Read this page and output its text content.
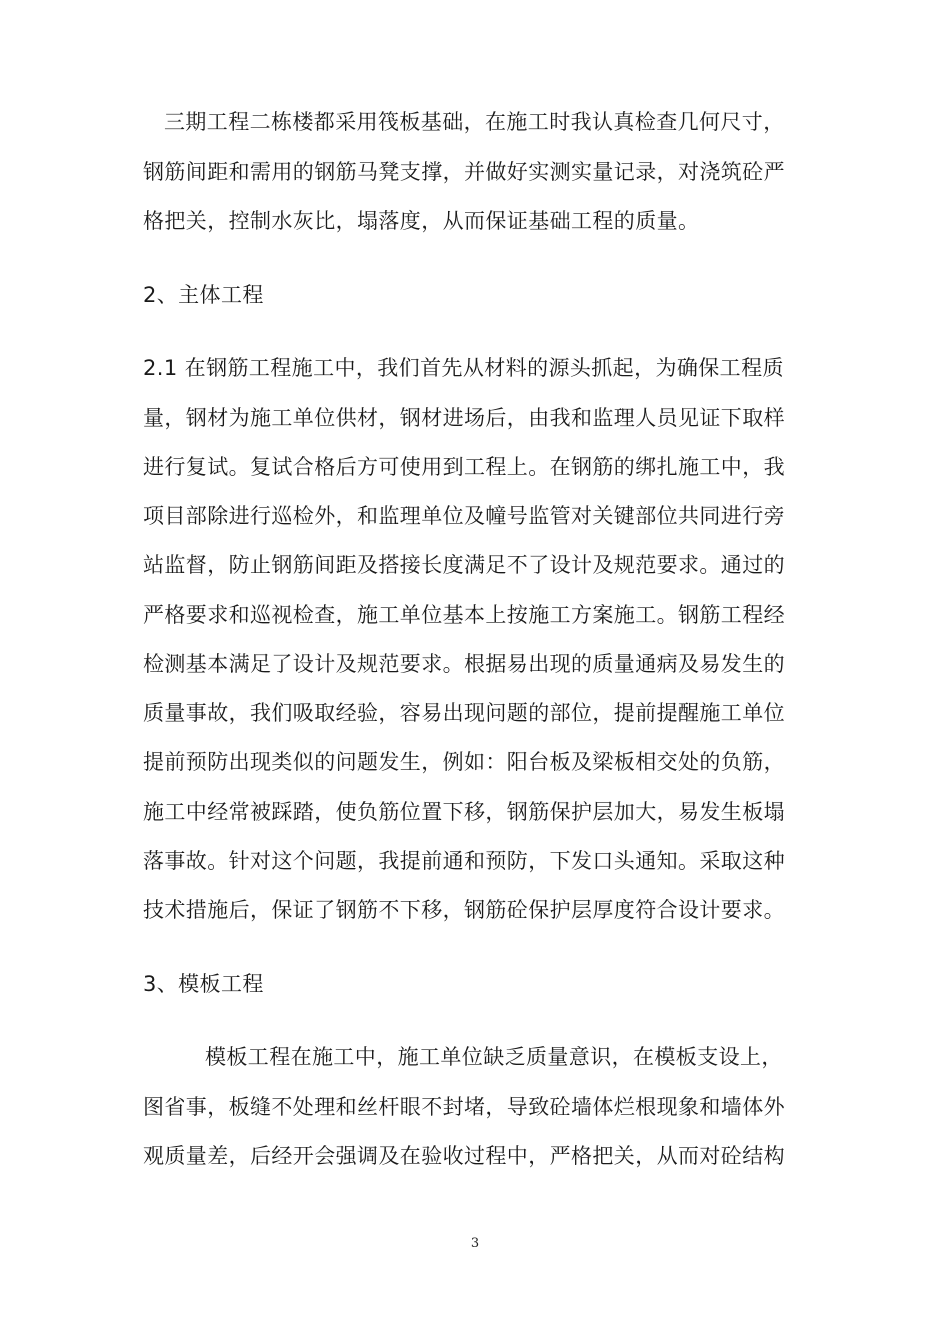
三期工程二栋楼都采用筏板基础，在施工时我认真检查几何尺寸，
钢筋间距和需用的钢筋马凳支撑，并做好实测实量记录，对浇筑砼严
格把关，控制水灰比，塌落度，从而保证基础工程的质量。
2、主体工程
2.1 在钢筋工程施工中，我们首先从材料的源头抓起，为确保工程质
量，钢材为施工单位供材，钢材进场后，由我和监理人员见证下取样
进行复试。复试合格后方可使用到工程上。在钢筋的绑扎施工中，我
项目部除进行巡检外，和监理单位及幢号监管对关键部位共同进行旁
站监督，防止钢筋间距及搭接长度满足不了设计及规范要求。通过的
严格要求和巡视检查，施工单位基本上按施工方案施工。钢筋工程经
检测基本满足了设计及规范要求。根据易出现的质量通病及易发生的
质量事故，我们吸取经验，容易出现问题的部位，提前提醒施工单位
提前预防出现类似的问题发生，例如：阳台板及梁板相交处的负筋，
施工中经常被踩踏，使负筋位置下移，钢筋保护层加大，易发生板塌
落事故。针对这个问题，我提前通和预防，下发口头通知。采取这种
技术措施后，保证了钢筋不下移，钢筋砼保护层厚度符合设计要求。
3、模板工程
模板工程在施工中，施工单位缺乏质量意识，在模板支设上，
图省事，板缝不处理和丝杆眼不封堵，导致砼墙体烂根现象和墙体外
观质量差，后经开会强调及在验收过程中，严格把关，从而对砼结构
3
